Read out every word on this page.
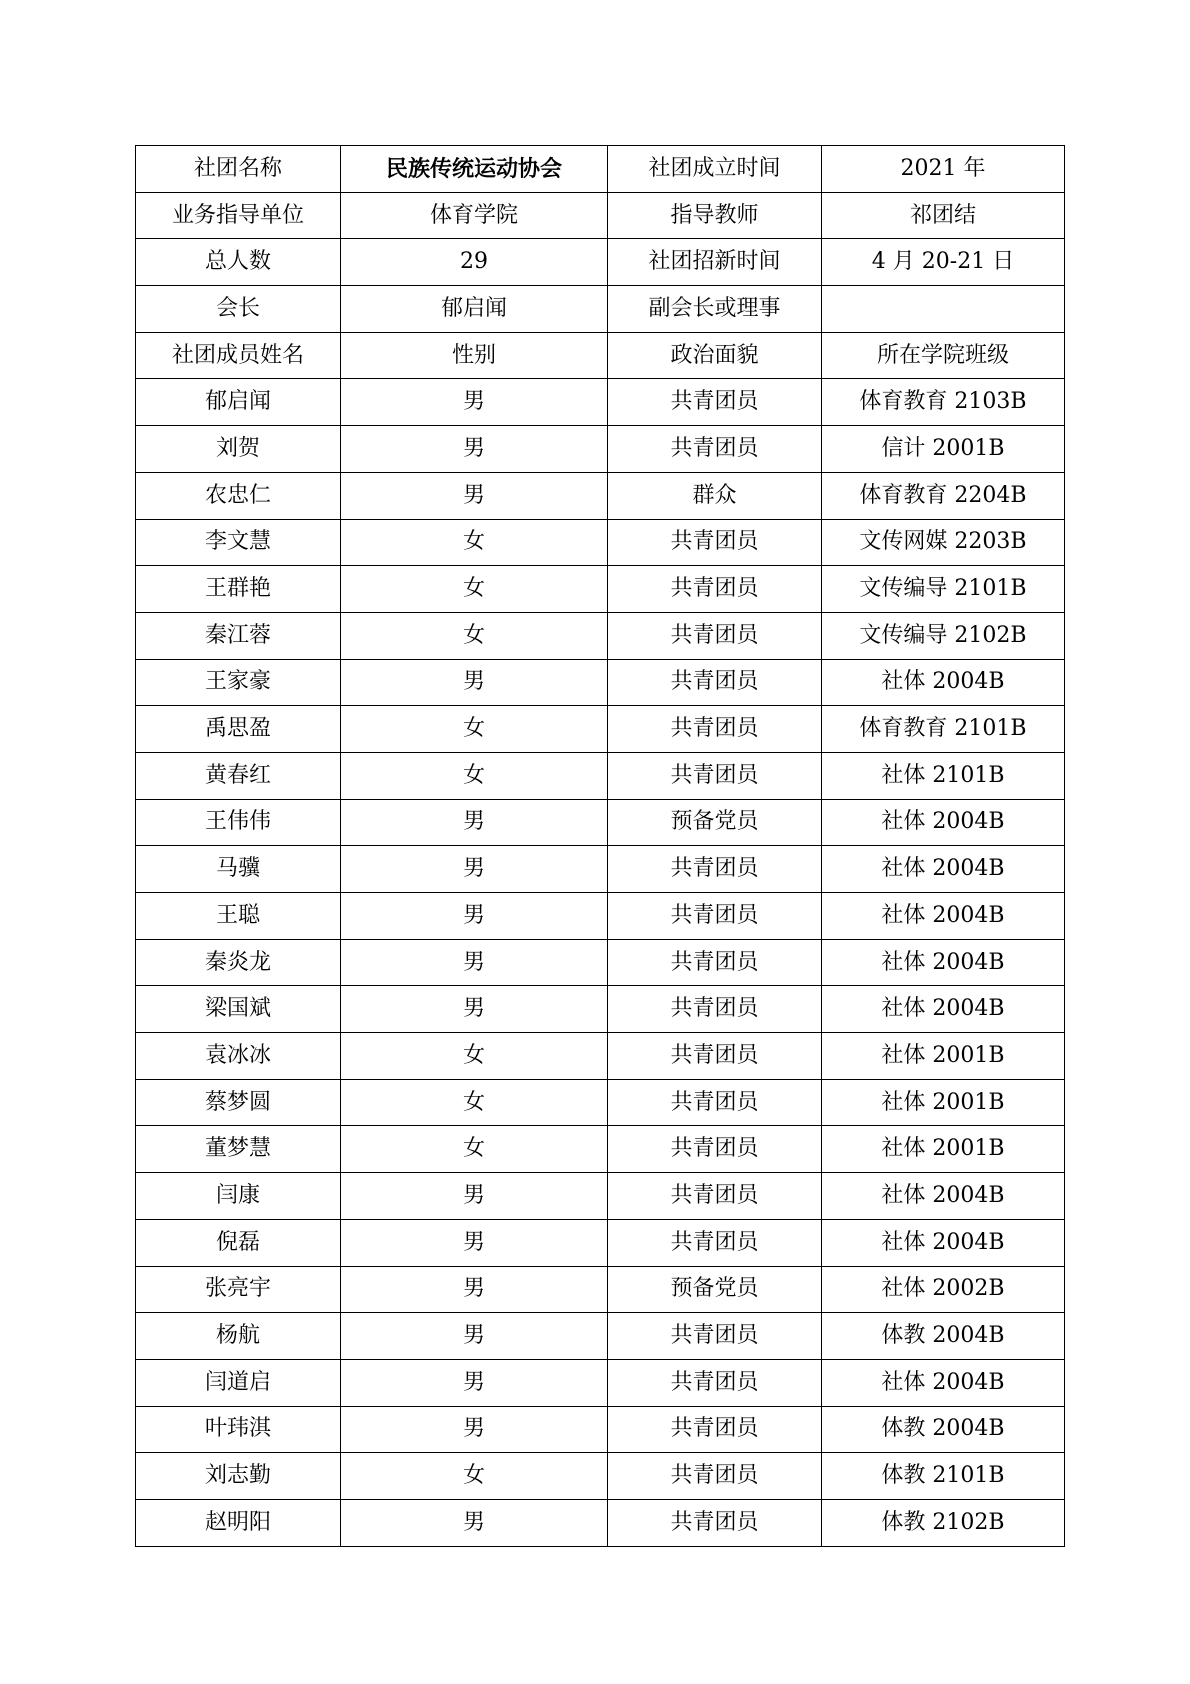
社团名称	民族传统运动协会	社团成立时间	2021 年
业务指导单位	体育学院	指导教师	祁团结
总人数	29	社团招新时间	4 月 20-21 日
会长	郁启闻	副会长或理事	
社团成员姓名	性别	政治面貌	所在学院班级
郁启闻	男	共青团员	体育教育 2103B
刘贺	男	共青团员	信计 2001B
农忠仁	男	群众	体育教育 2204B
李文慧	女	共青团员	文传网媒 2203B
王群艳	女	共青团员	文传编导 2101B
秦江蓉	女	共青团员	文传编导 2102B
王家豪	男	共青团员	社体 2004B
禹思盈	女	共青团员	体育教育 2101B
黄春红	女	共青团员	社体 2101B
王伟伟	男	预备党员	社体 2004B
马骥	男	共青团员	社体 2004B
王聪	男	共青团员	社体 2004B
秦炎龙	男	共青团员	社体 2004B
梁国斌	男	共青团员	社体 2004B
袁冰冰	女	共青团员	社体 2001B
蔡梦圆	女	共青团员	社体 2001B
董梦慧	女	共青团员	社体 2001B
闫康	男	共青团员	社体 2004B
倪磊	男	共青团员	社体 2004B
张亮宇	男	预备党员	社体 2002B
杨航	男	共青团员	体教 2004B
闫道启	男	共青团员	社体 2004B
叶玮淇	男	共青团员	体教 2004B
刘志勤	女	共青团员	体教 2101B
赵明阳	男	共青团员	体教 2102B
